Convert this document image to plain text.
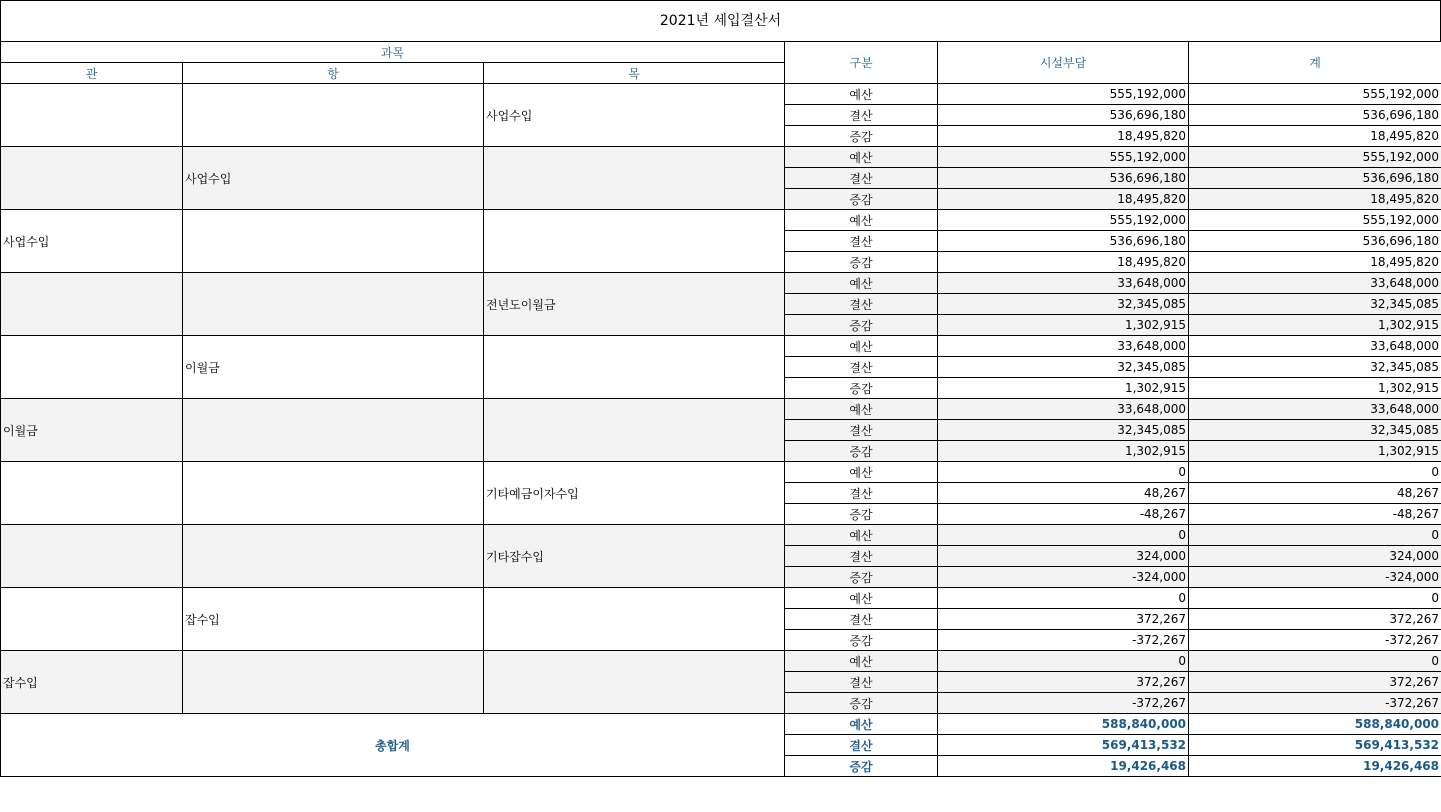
2021년 세입결산서
과목			구분	시설부담	계
관	항	목			
		사업수입	예산	555,192,000	555,192,000
			결산	536,696,180	536,696,180
			증감	18,495,820	18,495,820
	사업수입		예산	555,192,000	555,192,000
			결산	536,696,180	536,696,180
			증감	18,495,820	18,495,820
사업수입			예산	555,192,000	555,192,000
			결산	536,696,180	536,696,180
			증감	18,495,820	18,495,820
		전년도이월금	예산	33,648,000	33,648,000
			결산	32,345,085	32,345,085
			증감	1,302,915	1,302,915
	이월금		예산	33,648,000	33,648,000
			결산	32,345,085	32,345,085
			증감	1,302,915	1,302,915
이월금			예산	33,648,000	33,648,000
			결산	32,345,085	32,345,085
			증감	1,302,915	1,302,915
		기타예금이자수입	예산	0	0
			결산	48,267	48,267
			증감	-48,267	-48,267
		기타잡수입	예산	0	0
			결산	324,000	324,000
			증감	-324,000	-324,000
	잡수입		예산	0	0
			결산	372,267	372,267
			증감	-372,267	-372,267
잡수입			예산	0	0
			결산	372,267	372,267
			증감	-372,267	-372,267
총합계			예산	588,840,000	588,840,000
			결산	569,413,532	569,413,532
			증감	19,426,468	19,426,468
